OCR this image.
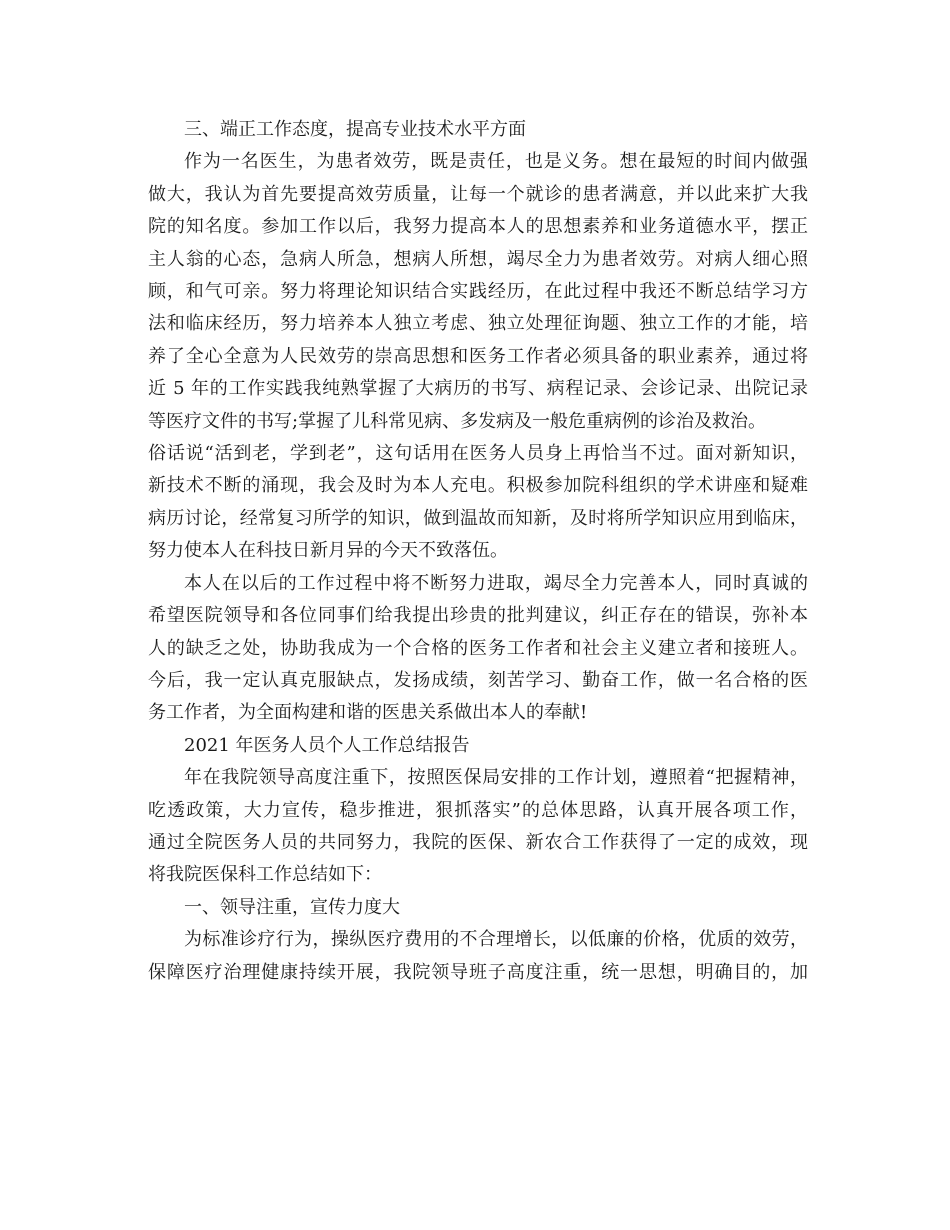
三、端正工作态度，提高专业技术水平方面
作为一名医生，为患者效劳，既是责任，也是义务。想在最短的时间内做强
做大，我认为首先要提高效劳质量，让每一个就诊的患者满意，并以此来扩大我
院的知名度。参加工作以后，我努力提高本人的思想素养和业务道德水平，摆正
主人翁的心态，急病人所急，想病人所想，竭尽全力为患者效劳。对病人细心照
顾，和气可亲。努力将理论知识结合实践经历，在此过程中我还不断总结学习方
法和临床经历，努力培养本人独立考虑、独立处理征询题、独立工作的才能，培
养了全心全意为人民效劳的崇高思想和医务工作者必须具备的职业素养，通过将
近 5 年的工作实践我纯熟掌握了大病历的书写、病程记录、会诊记录、出院记录
等医疗文件的书写;掌握了儿科常见病、多发病及一般危重病例的诊治及救治。
俗话说“活到老，学到老”，这句话用在医务人员身上再恰当不过。面对新知识，
新技术不断的涌现，我会及时为本人充电。积极参加院科组织的学术讲座和疑难
病历讨论，经常复习所学的知识，做到温故而知新，及时将所学知识应用到临床，
努力使本人在科技日新月异的今天不致落伍。
本人在以后的工作过程中将不断努力进取，竭尽全力完善本人，同时真诚的
希望医院领导和各位同事们给我提出珍贵的批判建议，纠正存在的错误，弥补本
人的缺乏之处，协助我成为一个合格的医务工作者和社会主义建立者和接班人。
今后，我一定认真克服缺点，发扬成绩，刻苦学习、勤奋工作，做一名合格的医
务工作者，为全面构建和谐的医患关系做出本人的奉献!
2021 年医务人员个人工作总结报告
年在我院领导高度注重下，按照医保局安排的工作计划，遵照着“把握精神，
吃透政策，大力宣传，稳步推进，狠抓落实”的总体思路，认真开展各项工作，
通过全院医务人员的共同努力，我院的医保、新农合工作获得了一定的成效，现
将我院医保科工作总结如下：
一、领导注重，宣传力度大
为标准诊疗行为，操纵医疗费用的不合理增长，以低廉的价格，优质的效劳，
保障医疗治理健康持续开展，我院领导班子高度注重，统一思想，明确目的，加
